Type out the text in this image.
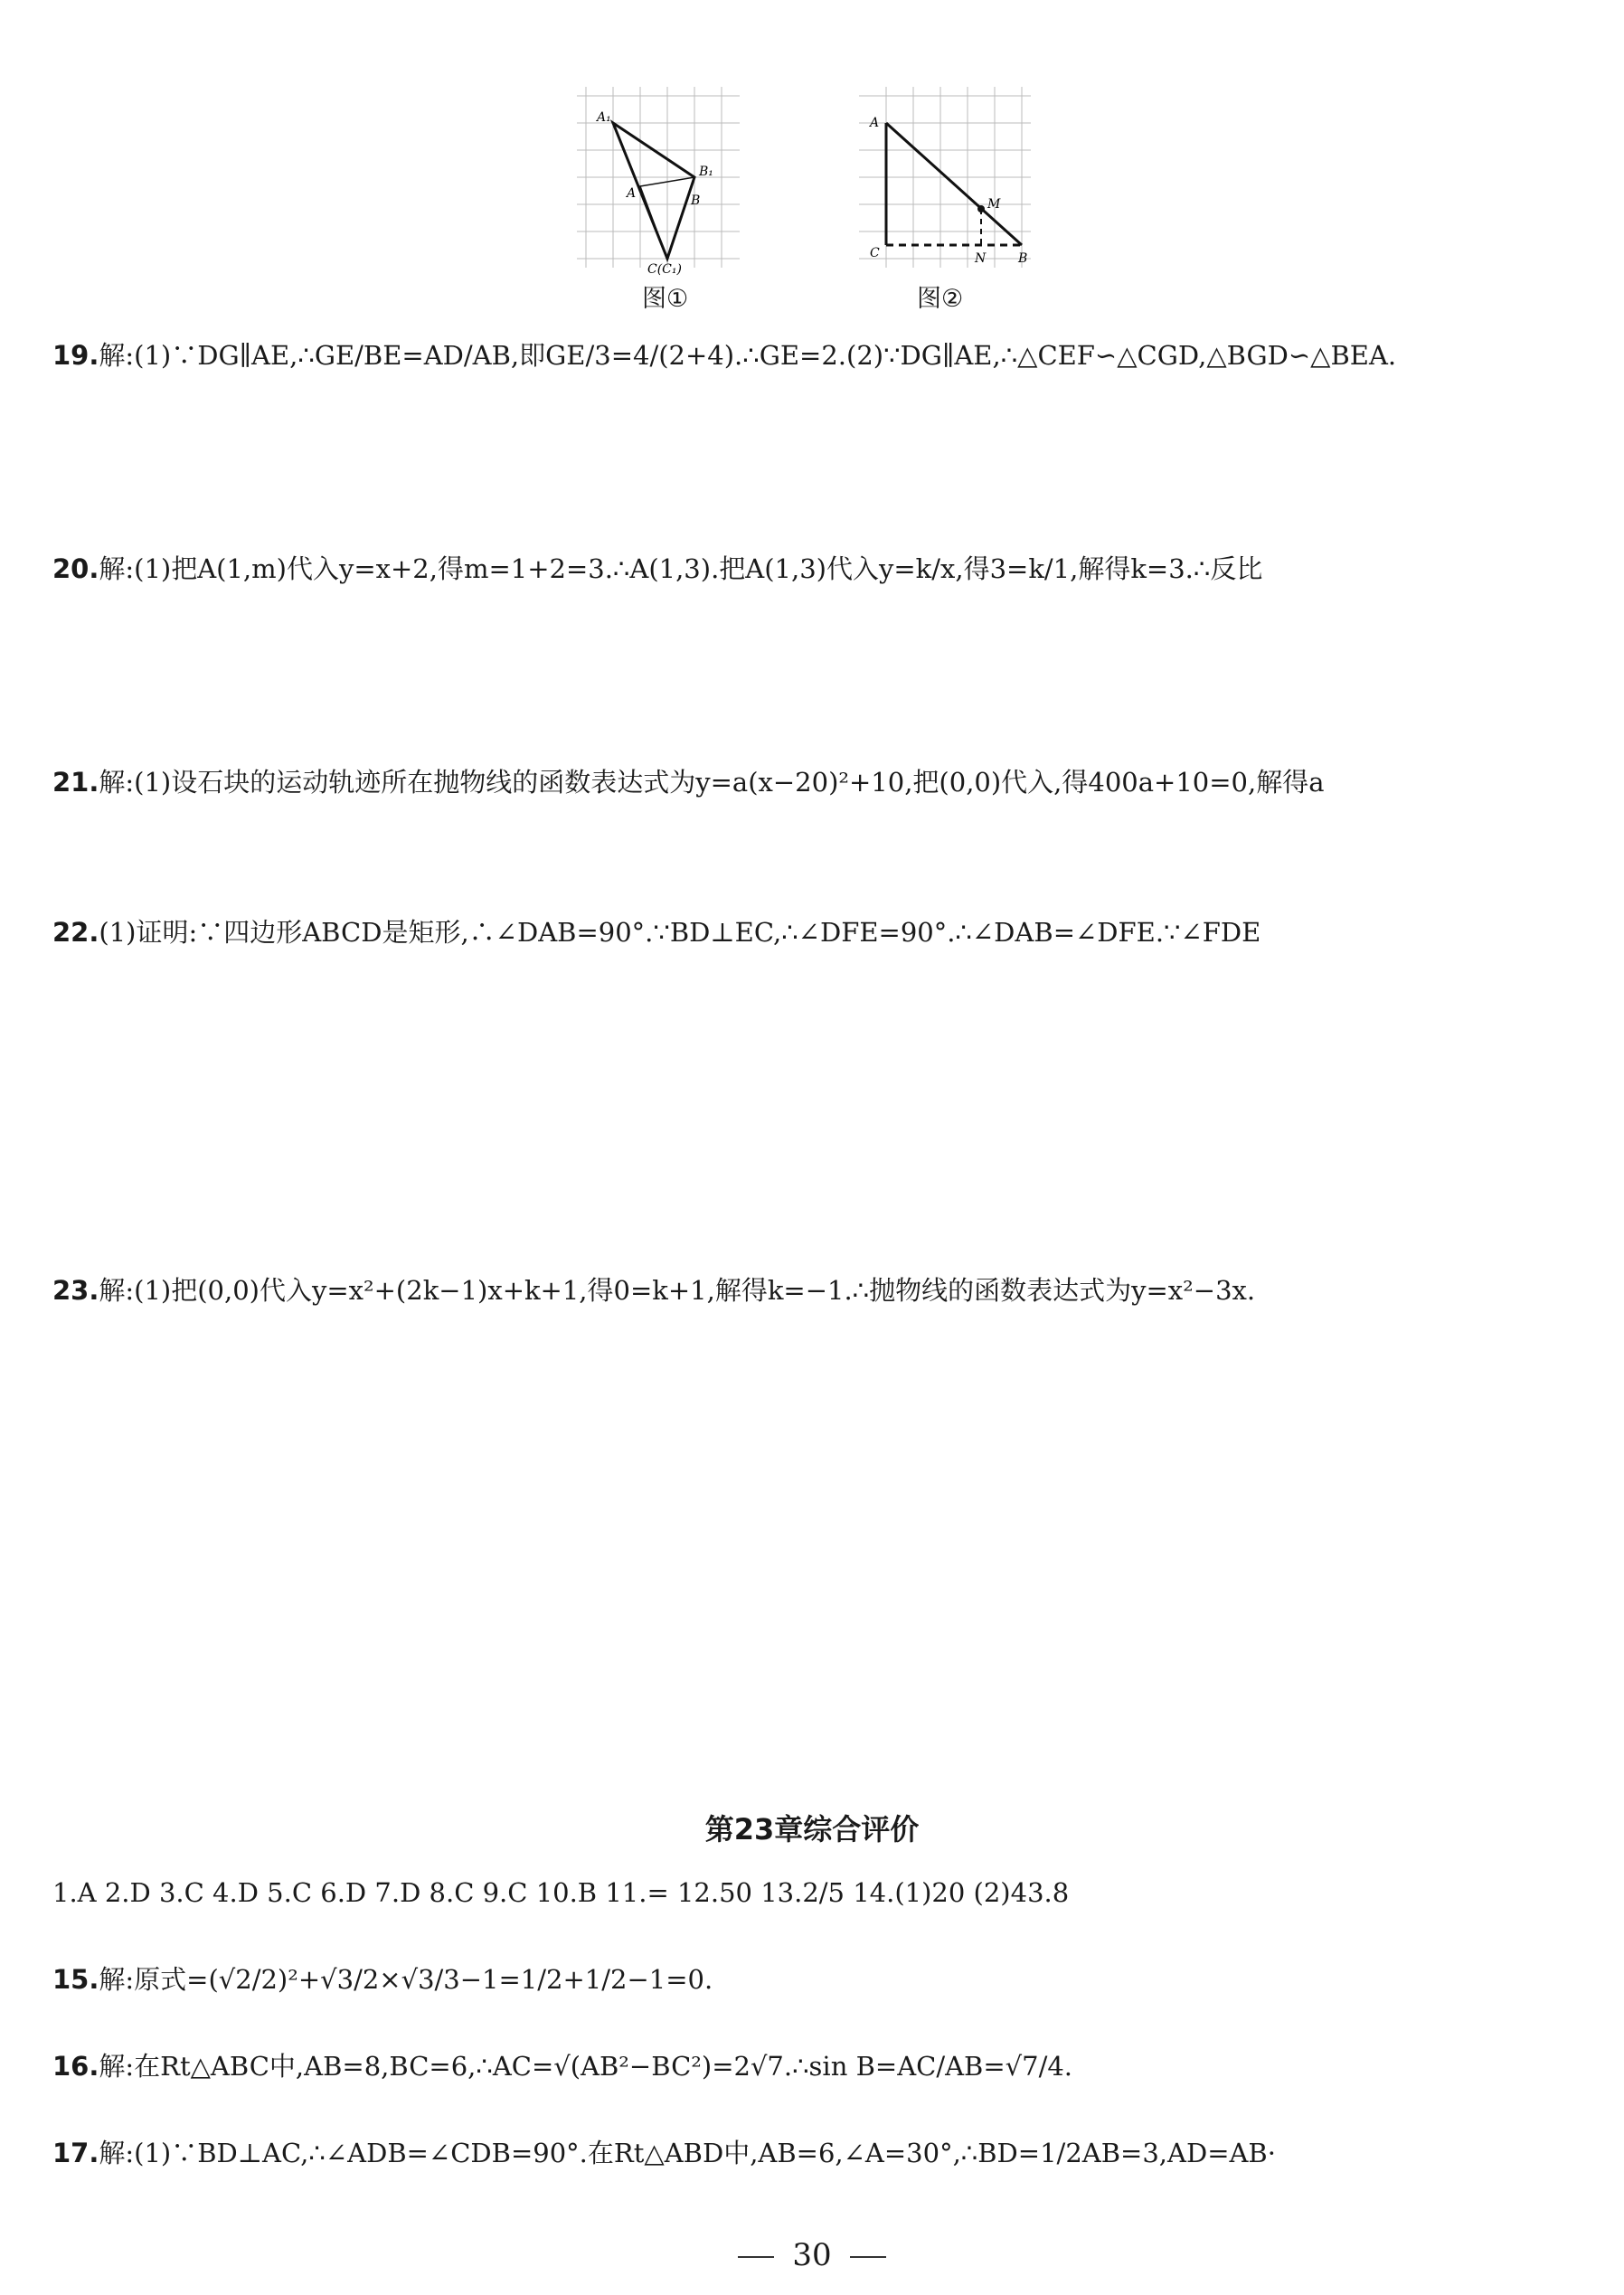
A₁
B₁
A	B
C(C₁)
图①
A
M
C	N	B
图②
19.解:(1)∵DG∥AE,∴GE/BE=AD/AB,即GE/3=4/(2+4).∴GE=2.(2)∵DG∥AE,∴△CEF∽△CGD,△BGD∽△BEA.
20.解:(1)把A(1,m)代入y=x+2,得m=1+2=3.∴A(1,3).把A(1,3)代入y=k/x,得3=k/1,解得k=3.∴反比
21.解:(1)设石块的运动轨迹所在抛物线的函数表达式为y=a(x−20)²+10,把(0,0)代入,得400a+10=0,解得a
22.(1)证明:∵四边形ABCD是矩形,∴∠DAB=90°.∵BD⊥EC,∴∠DFE=90°.∴∠DAB=∠DFE.∵∠FDE
23.解:(1)把(0,0)代入y=x²+(2k−1)x+k+1,得0=k+1,解得k=−1.∴抛物线的函数表达式为y=x²−3x.
第23章综合评价
1.A 2.D 3.C 4.D 5.C 6.D 7.D 8.C 9.C 10.B 11.= 12.50 13.2/5 14.(1)20 (2)43.8
15.解:原式=(√2/2)²+√3/2×√3/3−1=1/2+1/2−1=0.
16.解:在Rt△ABC中,AB=8,BC=6,∴AC=√(AB²−BC²)=2√7.∴sin B=AC/AB=√7/4.
17.解:(1)∵BD⊥AC,∴∠ADB=∠CDB=90°.在Rt△ABD中,AB=6,∠A=30°,∴BD=1/2AB=3,AD=AB·
30
